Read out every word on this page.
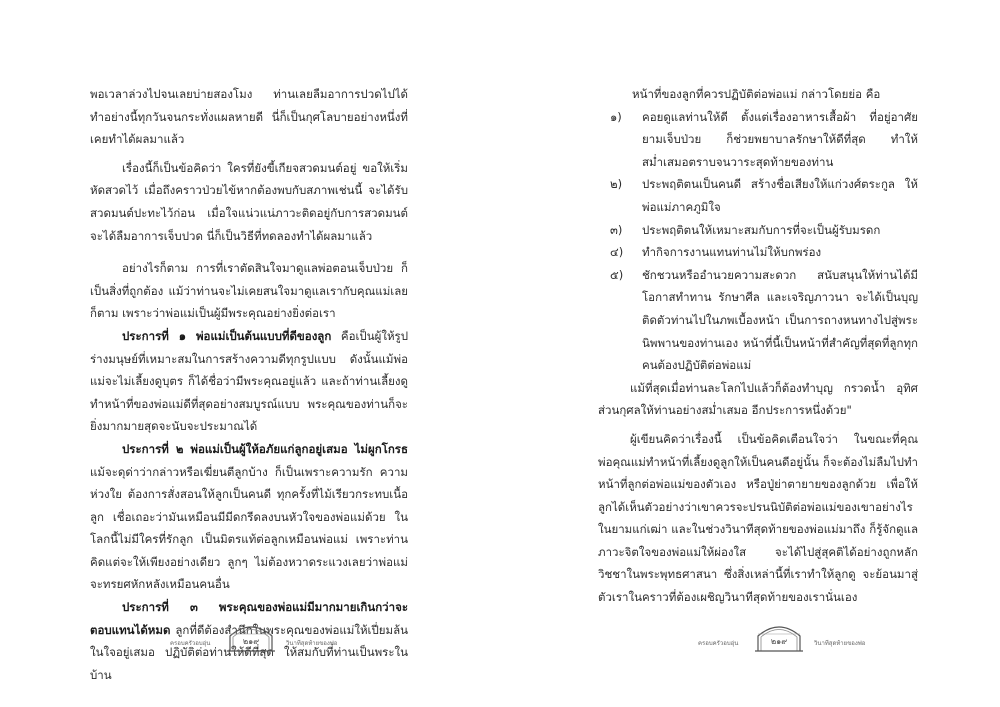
พอเวลาล่วงไปจนเลยบ่ายสองโมง ท่านเลยลืมอาการปวดไปได้ ทำอย่างนี้ทุกวันจนกระทั่งแผลหายดี นี่ก็เป็นกุศโลบายอย่างหนึ่งที่เคยทำได้ผลมาแล้ว

เรื่องนี้ก็เป็นข้อคิดว่า ใครที่ยังขี้เกียจสวดมนต์อยู่ ขอให้เริ่มหัดสวดไว้ เมื่อถึงคราวป่วยไข้หากต้องพบกับสภาพเช่นนี้ จะได้รับสวดมนต์ปะทะไว้ก่อน เมื่อใจแน่วแน่ภาวะติดอยู่กับการสวดมนต์ จะได้ลืมอาการเจ็บปวด นี่ก็เป็นวิธีที่ทดลองทำได้ผลมาแล้ว

อย่างไรก็ตาม การที่เราตัดสินใจมาดูแลพ่อตอนเจ็บป่วย ก็เป็นสิ่งที่ถูกต้อง แม้ว่าท่านจะไม่เคยสนใจมาดูแลเรากับคุณแม่เลยก็ตาม เพราะว่าพ่อแม่เป็นผู้มีพระคุณอย่างยิ่งต่อเรา

ประการที่ ๑ พ่อแม่เป็นต้นแบบที่ดีของลูก คือเป็นผู้ให้รูปร่างมนุษย์ที่เหมาะสมในการสร้างความดีทุกรูปแบบ ดังนั้นแม้พ่อแม่จะไม่เลี้ยงดูบุตร ก็ได้ชื่อว่ามีพระคุณอยู่แล้ว และถ้าท่านเลี้ยงดู ทำหน้าที่ของพ่อแม่ดีที่สุดอย่างสมบูรณ์แบบ พระคุณของท่านก็จะยิ่งมากมายสุดจะนับจะประมาณได้

ประการที่ ๒ พ่อแม่เป็นผู้ให้อภัยแก่ลูกอยู่เสมอ ไม่ผูกโกรธ แม้จะดุด่าว่ากล่าวหรือเฆี่ยนตีลูกบ้าง ก็เป็นเพราะความรัก ความห่วงใย ต้องการสั่งสอนให้ลูกเป็นคนดี ทุกครั้งที่ไม้เรียวกระทบเนื้อลูก เชื่อเถอะว่ามันเหมือนมีมีดกรีดลงบนหัวใจของพ่อแม่ด้วย ในโลกนี้ไม่มีใครที่รักลูก เป็นมิตรแท้ต่อลูกเหมือนพ่อแม่ เพราะท่านคิดแต่จะให้เพียงอย่างเดียว ลูกๆ ไม่ต้องหวาดระแวงเลยว่าพ่อแม่จะทรยศหักหลังเหมือนคนอื่น

ประการที่ ๓ พระคุณของพ่อแม่มีมากมายเกินกว่าจะตอบแทนได้หมด ลูกที่ดีต้องสำนึกในพระคุณของพ่อแม่ให้เปี่ยมล้นในใจอยู่เสมอ ปฏิบัติต่อท่านให้ดีที่สุด ให้สมกับที่ท่านเป็นพระในบ้าน

ครอบครัวอบอุ่น	๒๑๙	วินาทีสุดท้ายของพ่อ

หน้าที่ของลูกที่ควรปฏิบัติต่อพ่อแม่ กล่าวโดยย่อ คือ

๑) คอยดูแลท่านให้ดี ตั้งแต่เรื่องอาหารเสื้อผ้า ที่อยู่อาศัย ยามเจ็บป่วย ก็ช่วยพยาบาลรักษาให้ดีที่สุด ทำให้สม่ำเสมอตราบจนวาระสุดท้ายของท่าน
๒) ประพฤติตนเป็นคนดี สร้างชื่อเสียงให้แก่วงศ์ตระกูล ให้พ่อแม่ภาคภูมิใจ
๓) ประพฤติตนให้เหมาะสมกับการที่จะเป็นผู้รับมรดก
๔) ทำกิจการงานแทนท่านไม่ให้บกพร่อง
๕) ชักชวนหรืออำนวยความสะดวก สนับสนุนให้ท่านได้มีโอกาสทำทาน รักษาศีล และเจริญภาวนา จะได้เป็นบุญติดตัวท่านไปในภพเบื้องหน้า เป็นการถางหนทางไปสู่พระนิพพานของท่านเอง หน้าที่นี้เป็นหน้าที่สำคัญที่สุดที่ลูกทุกคนต้องปฏิบัติต่อพ่อแม่

แม้ที่สุดเมื่อท่านละโลกไปแล้วก็ต้องทำบุญ กรวดน้ำ อุทิศส่วนกุศลให้ท่านอย่างสม่ำเสมอ อีกประการหนึ่งด้วย"

ผู้เขียนคิดว่าเรื่องนี้ เป็นข้อคิดเตือนใจว่า ในขณะที่คุณพ่อคุณแม่ทำหน้าที่เลี้ยงดูลูกให้เป็นคนดีอยู่นั้น ก็จะต้องไม่ลืมไปทำหน้าที่ลูกต่อพ่อแม่ของตัวเอง หรือปู่ย่าตายายของลูกด้วย เพื่อให้ลูกได้เห็นตัวอย่างว่าเขาควรจะปรนนิบัติต่อพ่อแม่ของเขาอย่างไรในยามแก่เฒ่า และในช่วงวินาทีสุดท้ายของพ่อแม่มาถึง ก็รู้จักดูแลภาวะจิตใจของพ่อแม่ให้ผ่องใส จะได้ไปสู่สุคติได้อย่างถูกหลักวิชชาในพระพุทธศาสนา ซึ่งสิ่งเหล่านี้ที่เราทำให้ลูกดู จะย้อนมาสู่ตัวเราในคราวที่ต้องเผชิญวินาทีสุดท้ายของเรานั่นเอง

ครอบครัวอบอุ่น	๒๑๙	วินาทีสุดท้ายของพ่อ
